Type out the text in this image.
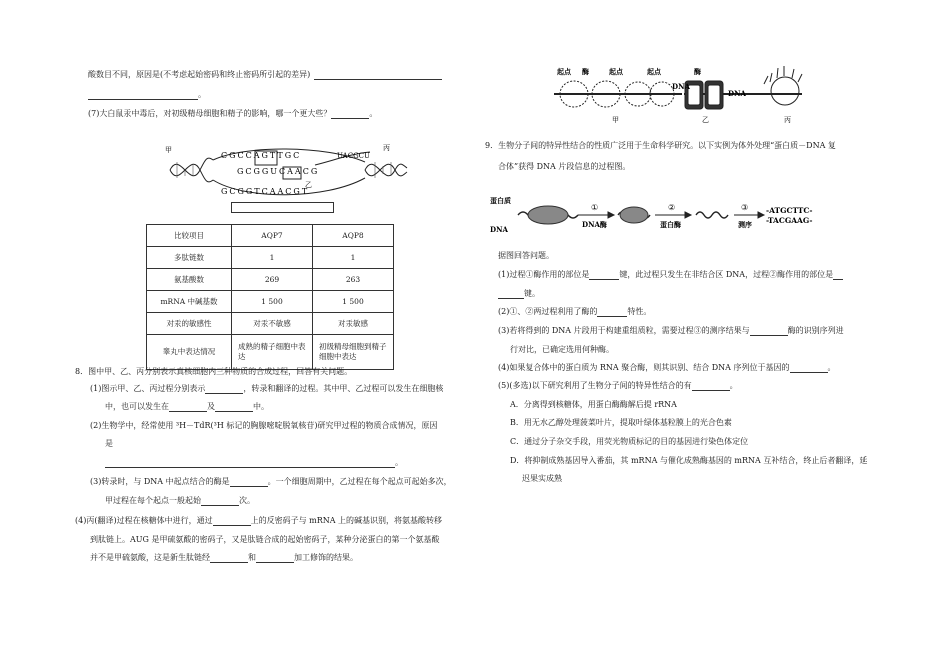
酸数目不同，原因是(不考虑起始密码和终止密码所引起的差异)
。
(7)大白鼠汞中毒后，对初级精母细胞和精子的影响，哪一个更大些？	。
甲	丙
乙
CGCCAGTTGC
GCGGUCAACG
GCGGTCAACGT
UACGCU
比较项目	AQP7	AQP8
多肽链数	1	1
氨基酸数	269	263
mRNA 中碱基数	1 500	1 500
对汞的敏感性	对汞不敏感	对汞敏感
睾丸中表达情况	成熟的精子细胞中表达	初级精母细胞到精子细胞中表达
8．图中甲、乙、丙分别表示真核细胞内三种物质的合成过程，回答有关问题。
(1)图示甲、乙、丙过程分别表示	，转录和翻译的过程。其中甲、乙过程可以发生在细胞核
中，也可以发生在	及	中。
(2)生物学中，经常使用 ³H－TdR(³H 标记的胸腺嘧啶脱氧核苷)研究甲过程的物质合成情况，原因
是
。
(3)转录时，与 DNA 中起点结合的酶是	。一个细胞周期中，乙过程在每个起点可起始多次，
甲过程在每个起点一般起始	次。
(4)丙(翻译)过程在核糖体中进行，通过	上的反密码子与 mRNA 上的碱基识别，将氨基酸转移
到肽链上。AUG 是甲硫氨酸的密码子，又是肽链合成的起始密码子，某种分泌蛋白的第一个氨基酸
并不是甲硫氨酸，这是新生肽链经	和	加工修饰的结果。
起点 酶	起点	起点	酶
DNA
DNA
甲	乙	丙
9．生物分子间的特异性结合的性质广泛用于生命科学研究。以下实例为体外处理“蛋白质－DNA 复
合体”获得 DNA 片段信息的过程图。
蛋白质
DNA
①
DNA酶
②
蛋白酶
③
测序
-ATGCTTC-
-TACGAAG-
据图回答问题。
(1)过程①酶作用的部位是	键，此过程只发生在非结合区 DNA，过程②酶作用的部位是
键。
(2)①、②两过程利用了酶的	特性。
(3)若将得到的 DNA 片段用于构建重组质粒，需要过程③的测序结果与	酶的识别序列进
行对比，已确定选用何种酶。
(4)如果复合体中的蛋白质为 RNA 聚合酶，则其识别、结合 DNA 序列位于基因的	。
(5)(多选)以下研究利用了生物分子间的特异性结合的有	。
A．分离得到核糖体，用蛋白酶酶解后提 rRNA
B．用无水乙醇处理菠菜叶片，提取叶绿体基粒膜上的光合色素
C．通过分子杂交手段，用荧光物质标记的目的基因进行染色体定位
D．将抑制成熟基因导入番茄，其 mRNA 与催化成熟酶基因的 mRNA 互补结合，终止后者翻译，延
迟果实成熟
